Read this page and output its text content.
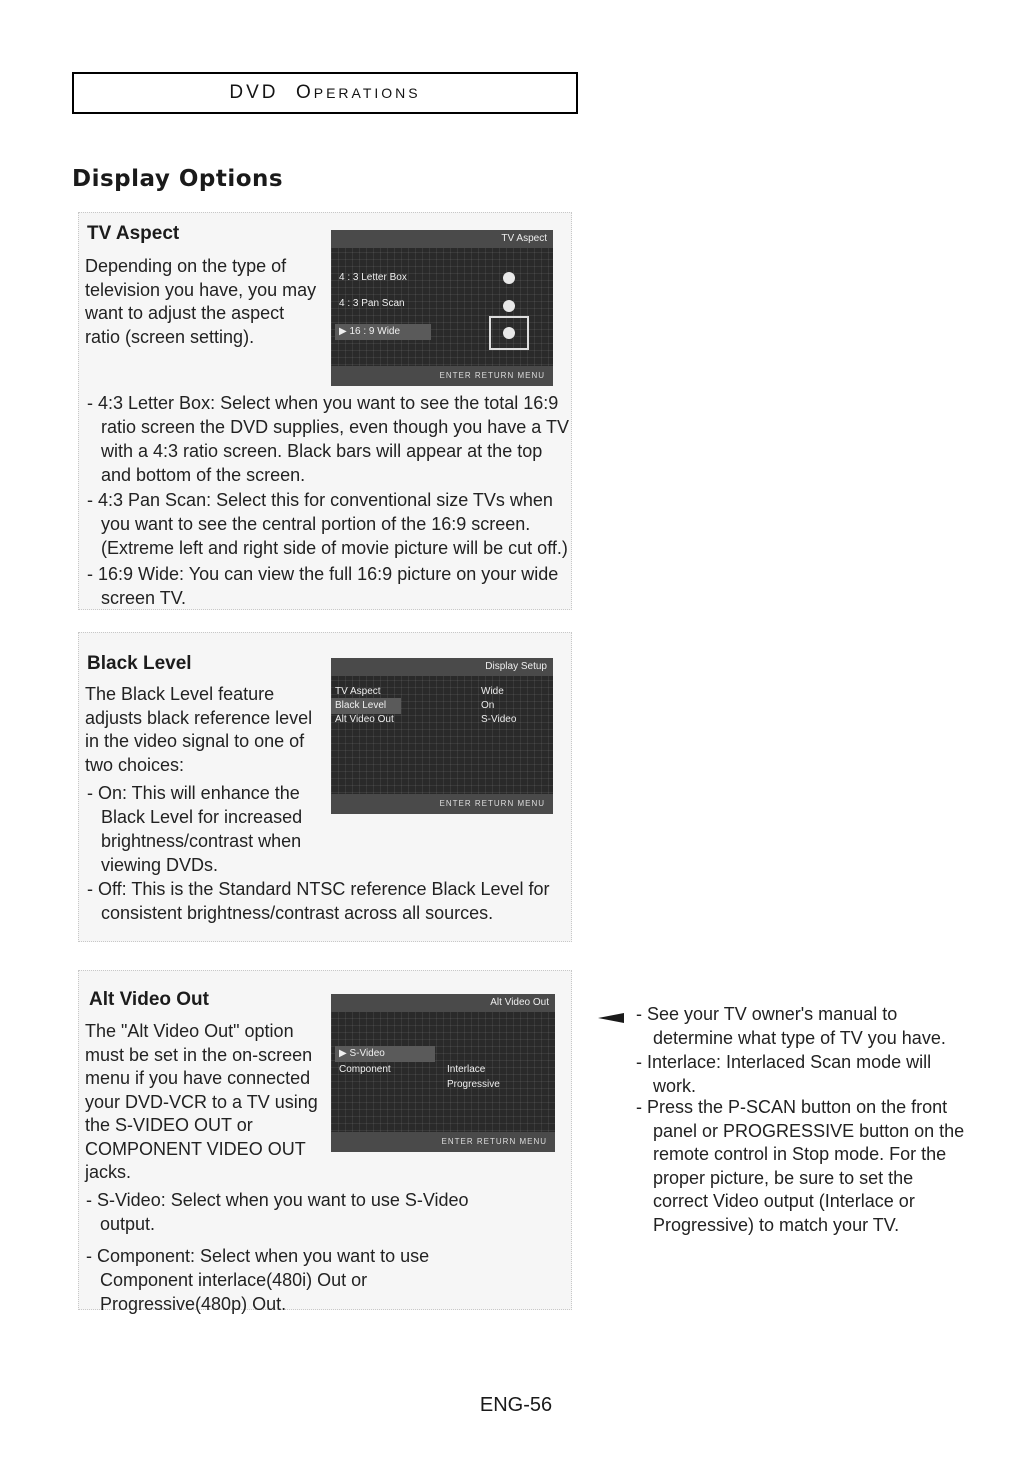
DVD OPERATIONS
Display Options
TV Aspect

Depending on the type of television you have, you may want to adjust the aspect ratio (screen setting).

TV Aspect
4 : 3 Letter Box
4 : 3 Pan Scan
▶ 16 : 9 Wide
ENTER RETURN MENU

- 4:3 Letter Box: Select when you want to see the total 16:9 ratio screen the DVD supplies, even though you have a TV with a 4:3 ratio screen. Black bars will appear at the top and bottom of the screen.

- 4:3 Pan Scan: Select this for conventional size TVs when you want to see the central portion of the 16:9 screen. (Extreme left and right side of movie picture will be cut off.)

- 16:9 Wide: You can view the full 16:9 picture on your wide screen TV.

Black Level

The Black Level feature adjusts black reference level in the video signal to one of two choices:

Display Setup
TV Aspect
Black Level
Alt Video Out
Wide
On
S-Video
ENTER RETURN MENU

- On: This will enhance the Black Level for increased brightness/contrast when viewing DVDs.

- Off: This is the Standard NTSC reference Black Level for consistent brightness/contrast across all sources.

Alt Video Out

The "Alt Video Out" option must be set in the on-screen menu if you have connected your DVD-VCR to a TV using the S-VIDEO OUT or COMPONENT VIDEO OUT jacks.

Alt Video Out
▶ S-Video
Component	Interlace
Progressive
ENTER RETURN MENU

- S-Video: Select when you want to use S-Video output.

- Component: Select when you want to use Component interlace(480i) Out or Progressive(480p) Out.

- See your TV owner's manual to determine what type of TV you have.

- Interlace: Interlaced Scan mode will work.

- Press the P-SCAN button on the front panel or PROGRESSIVE button on the remote control in Stop mode. For the proper picture, be sure to set the correct Video output (Interlace or Progressive) to match your TV.

ENG-56
